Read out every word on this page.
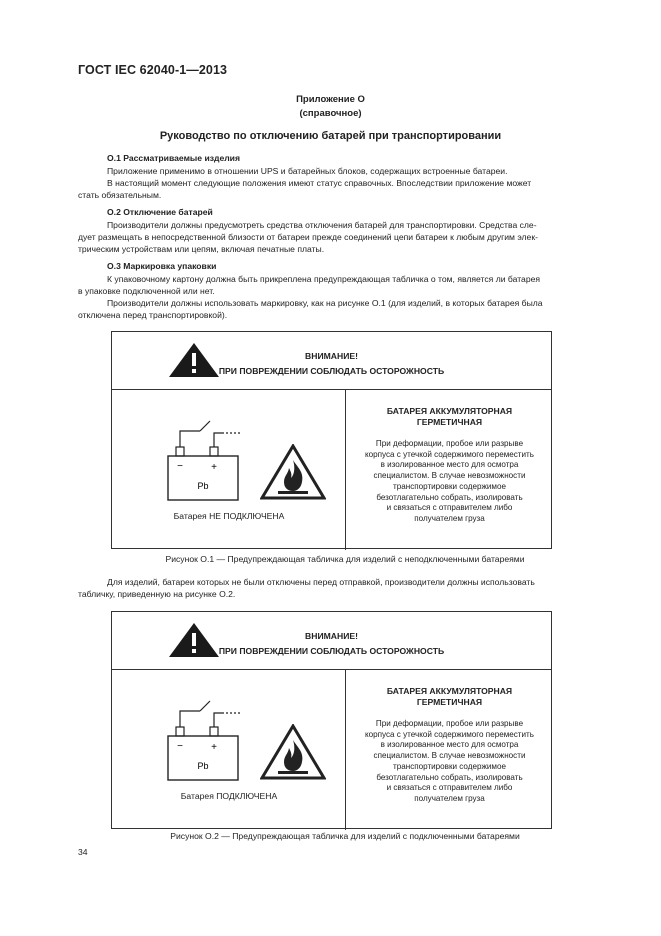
ГОСТ IEC 62040-1—2013
Приложение O
(справочное)
Руководство по отключению батарей при транспортировании
O.1 Рассматриваемые изделия
Приложение применимо в отношении UPS и батарейных блоков, содержащих встроенные батареи.
В настоящий момент следующие положения имеют статус справочных. Впоследствии приложение может
стать обязательным.
O.2 Отключение батарей
Производители должны предусмотреть средства отключения батарей для транспортировки. Средства сле-
дует размещать в непосредственной близости от батареи прежде соединений цепи батареи к любым другим элек-
трическим устройствам или цепям, включая печатные платы.
O.3 Маркировка упаковки
К упаковочному картону должна быть прикреплена предупреждающая табличка о том, является ли батарея
в упаковке подключенной или нет.
Производители должны использовать маркировку, как на рисунке O.1 (для изделий, в которых батарея была
отключена перед транспортировкой).
ВНИМАНИЕ!
ПРИ ПОВРЕЖДЕНИИ СОБЛЮДАТЬ ОСТОРОЖНОСТЬ
−	+
Pb
Батарея НЕ ПОДКЛЮЧЕНА
БАТАРЕЯ АККУМУЛЯТОРНАЯ
ГЕРМЕТИЧНАЯ
При деформации, пробое или разрыве
корпуса с утечкой содержимого переместить
в изолированное место для осмотра
специалистом. В случае невозможности
транспортировки содержимое
безотлагательно собрать, изолировать
и связаться с отправителем либо
получателем груза
Рисунок O.1 — Предупреждающая табличка для изделий с неподключенными батареями
Для изделий, батареи которых не были отключены перед отправкой, производители должны использовать
табличку, приведенную на рисунке O.2.
ВНИМАНИЕ!
ПРИ ПОВРЕЖДЕНИИ СОБЛЮДАТЬ ОСТОРОЖНОСТЬ
−	+
Pb
Батарея ПОДКЛЮЧЕНА
БАТАРЕЯ АККУМУЛЯТОРНАЯ
ГЕРМЕТИЧНАЯ
При деформации, пробое или разрыве
корпуса с утечкой содержимого переместить
в изолированное место для осмотра
специалистом. В случае невозможности
транспортировки содержимое
безотлагательно собрать, изолировать
и связаться с отправителем либо
получателем груза
Рисунок O.2 — Предупреждающая табличка для изделий с подключенными батареями
34
